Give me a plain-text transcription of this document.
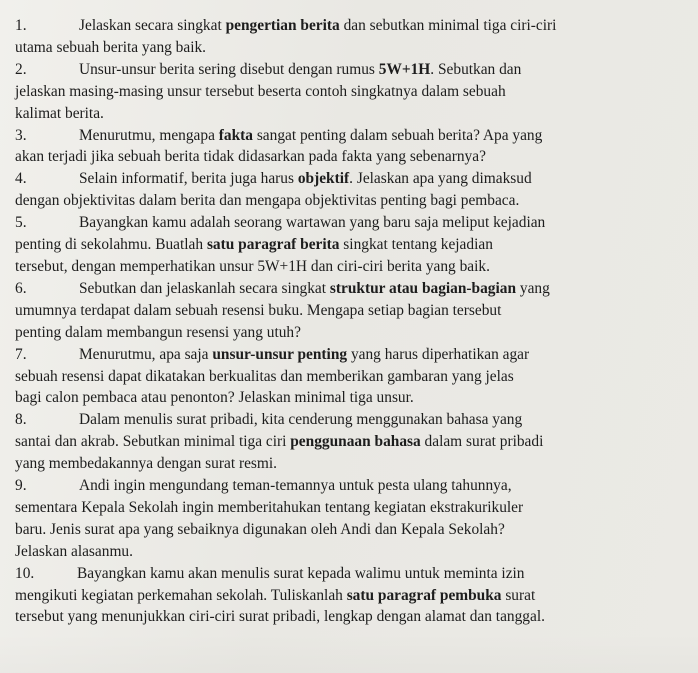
1.	Jelaskan secara singkat pengertian berita dan sebutkan minimal tiga ciri-ciri

utama sebuah berita yang baik.

2.	Unsur-unsur berita sering disebut dengan rumus 5W+1H. Sebutkan dan

jelaskan masing-masing unsur tersebut beserta contoh singkatnya dalam sebuah

kalimat berita.

3.	Menurutmu, mengapa fakta sangat penting dalam sebuah berita? Apa yang

akan terjadi jika sebuah berita tidak didasarkan pada fakta yang sebenarnya?

4.	Selain informatif, berita juga harus objektif. Jelaskan apa yang dimaksud

dengan objektivitas dalam berita dan mengapa objektivitas penting bagi pembaca.

5.	Bayangkan kamu adalah seorang wartawan yang baru saja meliput kejadian

penting di sekolahmu. Buatlah satu paragraf berita singkat tentang kejadian

tersebut, dengan memperhatikan unsur 5W+1H dan ciri-ciri berita yang baik.

6.	Sebutkan dan jelaskanlah secara singkat struktur atau bagian-bagian yang

umumnya terdapat dalam sebuah resensi buku. Mengapa setiap bagian tersebut

penting dalam membangun resensi yang utuh?

7.	Menurutmu, apa saja unsur-unsur penting yang harus diperhatikan agar

sebuah resensi dapat dikatakan berkualitas dan memberikan gambaran yang jelas

bagi calon pembaca atau penonton? Jelaskan minimal tiga unsur.

8.	Dalam menulis surat pribadi, kita cenderung menggunakan bahasa yang

santai dan akrab. Sebutkan minimal tiga ciri penggunaan bahasa dalam surat pribadi

yang membedakannya dengan surat resmi.

9.	Andi ingin mengundang teman-temannya untuk pesta ulang tahunnya,

sementara Kepala Sekolah ingin memberitahukan tentang kegiatan ekstrakurikuler

baru. Jenis surat apa yang sebaiknya digunakan oleh Andi dan Kepala Sekolah?

Jelaskan alasanmu.

10.	Bayangkan kamu akan menulis surat kepada walimu untuk meminta izin

mengikuti kegiatan perkemahan sekolah. Tuliskanlah satu paragraf pembuka surat

tersebut yang menunjukkan ciri-ciri surat pribadi, lengkap dengan alamat dan tanggal.
